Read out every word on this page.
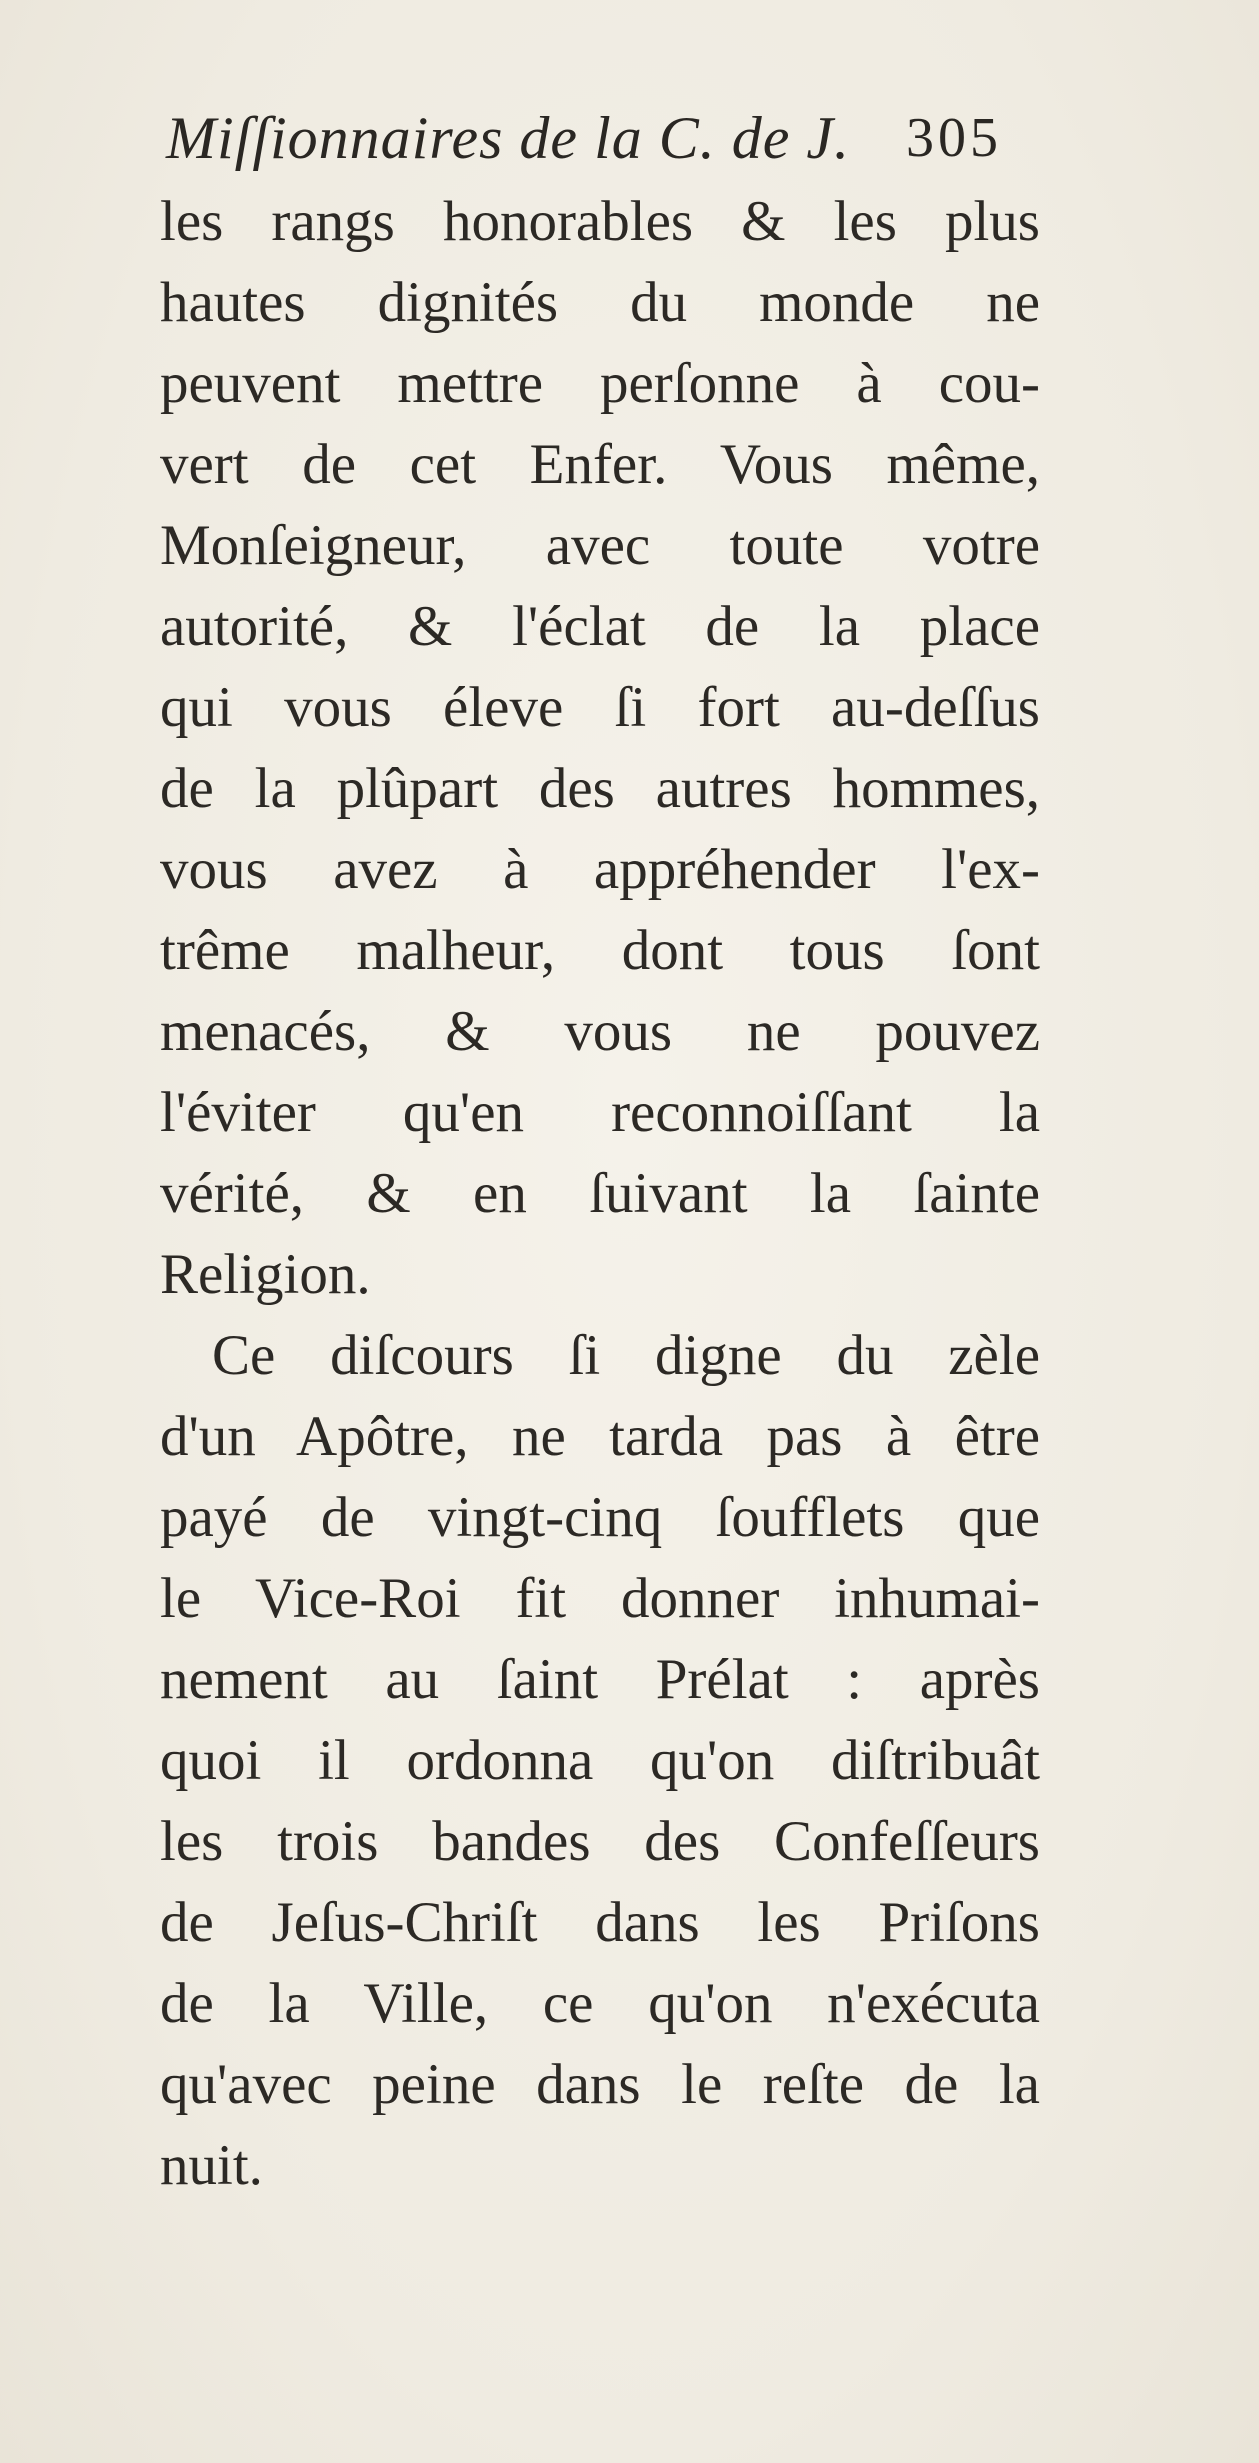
Miſſionnaires de la C. de J. 305
les rangs honorables & les plus
hautes dignités du monde ne
peuvent mettre perſonne à cou-
vert de cet Enfer. Vous même,
Monſeigneur, avec toute votre
autorité, & l'éclat de la place
qui vous éleve ſi fort au-deſſus
de la plûpart des autres hommes,
vous avez à appréhender l'ex-
trême malheur, dont tous ſont
menacés, & vous ne pouvez
l'éviter qu'en reconnoiſſant la
vérité, & en ſuivant la ſainte
Religion.
Ce diſcours ſi digne du zèle
d'un Apôtre, ne tarda pas à être
payé de vingt-cinq ſoufflets que
le Vice-Roi fit donner inhumai-
nement au ſaint Prélat : après
quoi il ordonna qu'on diſtribuât
les trois bandes des Confeſſeurs
de Jeſus-Chriſt dans les Priſons
de la Ville, ce qu'on n'exécuta
qu'avec peine dans le reſte de la
nuit.
